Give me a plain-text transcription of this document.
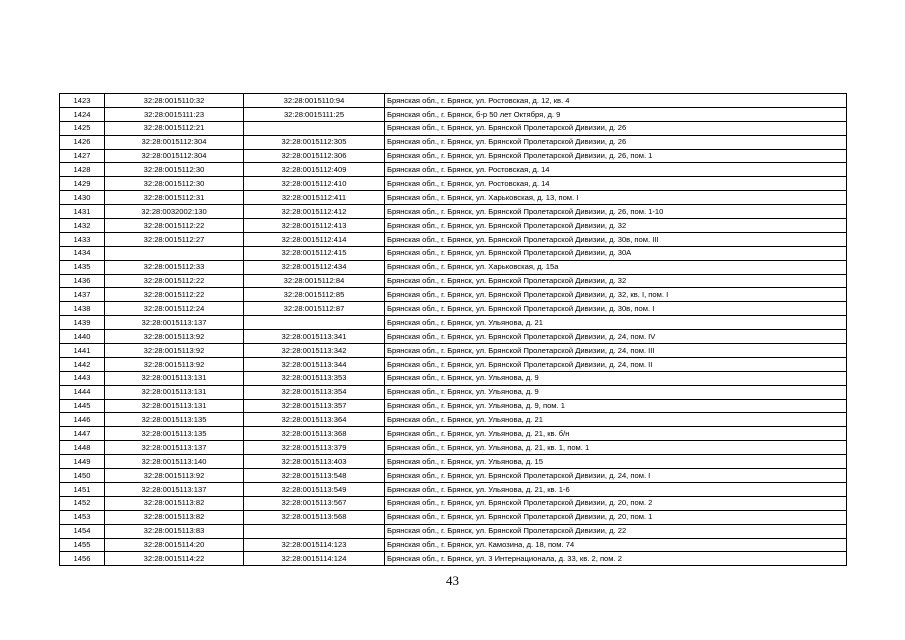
1423	32:28:0015110:32	32:28:0015110:94	Брянская обл., г. Брянск, ул. Ростовская, д. 12, кв. 4
1424	32:28:0015111:23	32:28:0015111:25	Брянская обл., г. Брянск, б-р 50 лет Октября, д. 9
1425	32:28:0015112:21		Брянская обл., г. Брянск, ул. Брянской Пролетарской Дивизии, д. 26
1426	32:28:0015112:304	32:28:0015112:305	Брянская обл., г. Брянск, ул. Брянской Пролетарской Дивизии, д. 26
1427	32:28:0015112:304	32:28:0015112:306	Брянская обл., г. Брянск, ул. Брянской Пролетарской Дивизии, д. 26, пом. 1
1428	32:28:0015112:30	32:28:0015112:409	Брянская обл., г. Брянск, ул. Ростовская, д. 14
1429	32:28:0015112:30	32:28:0015112:410	Брянская обл., г. Брянск, ул. Ростовская, д. 14
1430	32:28:0015112:31	32:28:0015112:411	Брянская обл., г. Брянск, ул. Харьковская, д. 13, пом. I
1431	32:28:0032002:130	32:28:0015112:412	Брянская обл., г. Брянск, ул. Брянской Пролетарской Дивизии, д. 26, пом. 1-10
1432	32:28:0015112:22	32:28:0015112:413	Брянская обл., г. Брянск, ул. Брянской Пролетарской Дивизии, д. 32
1433	32:28:0015112:27	32:28:0015112:414	Брянская обл., г. Брянск, ул. Брянской Пролетарской Дивизии, д. 30в, пом. III
1434		32:28:0015112:415	Брянская обл., г. Брянск, ул. Брянской Пролетарской Дивизии, д. 30А
1435	32:28:0015112:33	32:28:0015112:434	Брянская обл., г. Брянск, ул. Харьковская, д. 15а
1436	32:28:0015112:22	32:28:0015112:84	Брянская обл., г. Брянск, ул. Брянской Пролетарской Дивизии, д. 32
1437	32:28:0015112:22	32:28:0015112:85	Брянская обл., г. Брянск, ул. Брянской Пролетарской Дивизии, д. 32, кв. I, пом. I
1438	32:28:0015112:24	32:28:0015112:87	Брянская обл., г. Брянск, ул. Брянской Пролетарской Дивизии, д. 30в, пом. I
1439	32:28:0015113:137		Брянская обл., г. Брянск, ул. Ульянова, д. 21
1440	32:28:0015113:92	32:28:0015113:341	Брянская обл., г. Брянск, ул. Брянской Пролетарской Дивизии, д. 24, пом. IV
1441	32:28:0015113:92	32:28:0015113:342	Брянская обл., г. Брянск, ул. Брянской Пролетарской Дивизии, д. 24, пом. III
1442	32:28:0015113:92	32:28:0015113:344	Брянская обл., г. Брянск, ул. Брянской Пролетарской Дивизии, д. 24, пом. II
1443	32:28:0015113:131	32:28:0015113:353	Брянская обл., г. Брянск, ул. Ульянова, д. 9
1444	32:28:0015113:131	32:28:0015113:354	Брянская обл., г. Брянск, ул. Ульянова, д. 9
1445	32:28:0015113:131	32:28:0015113:357	Брянская обл., г. Брянск, ул. Ульянова, д. 9, пом. 1
1446	32:28:0015113:135	32:28:0015113:364	Брянская обл., г. Брянск, ул. Ульянова, д. 21
1447	32:28:0015113:135	32:28:0015113:368	Брянская обл., г. Брянск, ул. Ульянова, д. 21, кв. б/н
1448	32:28:0015113:137	32:28:0015113:379	Брянская обл., г. Брянск, ул. Ульянова, д. 21, кв. 1, пом. 1
1449	32:28:0015113:140	32:28:0015113:403	Брянская обл., г. Брянск, ул. Ульянова, д. 15
1450	32:28:0015113:92	32:28:0015113:548	Брянская обл., г. Брянск, ул. Брянской Пролетарской Дивизии, д. 24, пом. I
1451	32:28:0015113:137	32:28:0015113:549	Брянская обл., г. Брянск, ул. Ульянова, д. 21, кв. 1-6
1452	32:28:0015113:82	32:28:0015113:567	Брянская обл., г. Брянск, ул. Брянской Пролетарской Дивизии, д. 20, пом. 2
1453	32:28:0015113:82	32:28:0015113:568	Брянская обл., г. Брянск, ул. Брянской Пролетарской Дивизии, д. 20, пом. 1
1454	32:28:0015113:83		Брянская обл., г. Брянск, ул. Брянской Пролетарской Дивизии, д. 22
1455	32:28:0015114:20	32:28:0015114:123	Брянская обл., г. Брянск, ул. Камозина, д. 18, пом. 74
1456	32:28:0015114:22	32:28:0015114:124	Брянская обл., г. Брянск, ул. 3 Интернационала, д. 33, кв. 2, пом. 2
43
